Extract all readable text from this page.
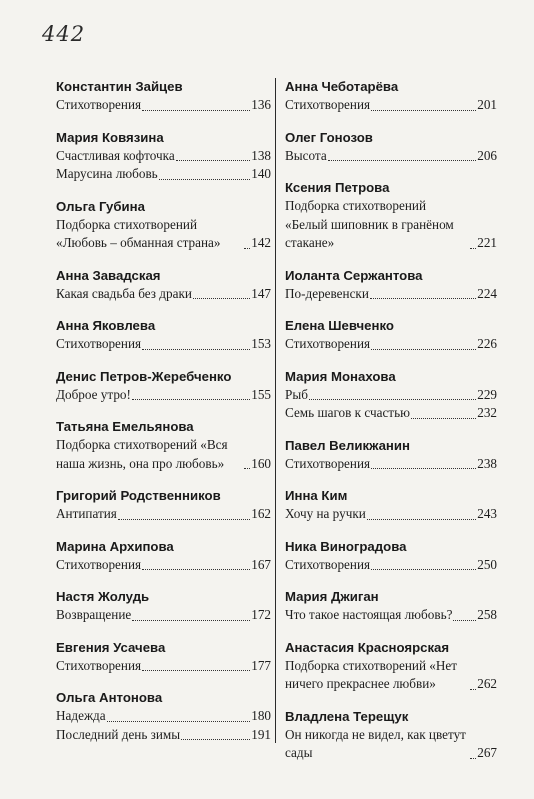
442
Константин Зайцев
Стихотворения	136
Мария Ковязина
Счастливая кофточка	138
Марусина любовь	140
Ольга Губина
Подборка стихотворений «Любовь – обманная страна»	142
Анна Завадская
Какая свадьба без драки	147
Анна Яковлева
Стихотворения	153
Денис Петров-Жеребченко
Доброе утро!	155
Татьяна Емельянова
Подборка стихотворений «Вся наша жизнь, она про любовь»	160
Григорий Родственников
Антипатия	162
Марина Архипова
Стихотворения	167
Настя Жолудь
Возвращение	172
Евгения Усачева
Стихотворения	177
Ольга Антонова
Надежда	180
Последний день зимы	191
Анна Чеботарёва
Стихотворения	201
Олег Гонозов
Высота	206
Ксения Петрова
Подборка стихотворений «Белый шиповник в гранёном стакане»	221
Иоланта Сержантова
По-деревенски	224
Елена Шевченко
Стихотворения	226
Мария Монахова
Рыб	229
Семь шагов к счастью	232
Павел Великжанин
Стихотворения	238
Инна Ким
Хочу на ручки	243
Ника Виноградова
Стихотворения	250
Мария Джиган
Что такое настоящая любовь? 258
Анастасия Красноярская
Подборка стихотворений «Нет ничего прекраснее любви»	262
Владлена Терещук
Он никогда не видел, как цветут сады	267
